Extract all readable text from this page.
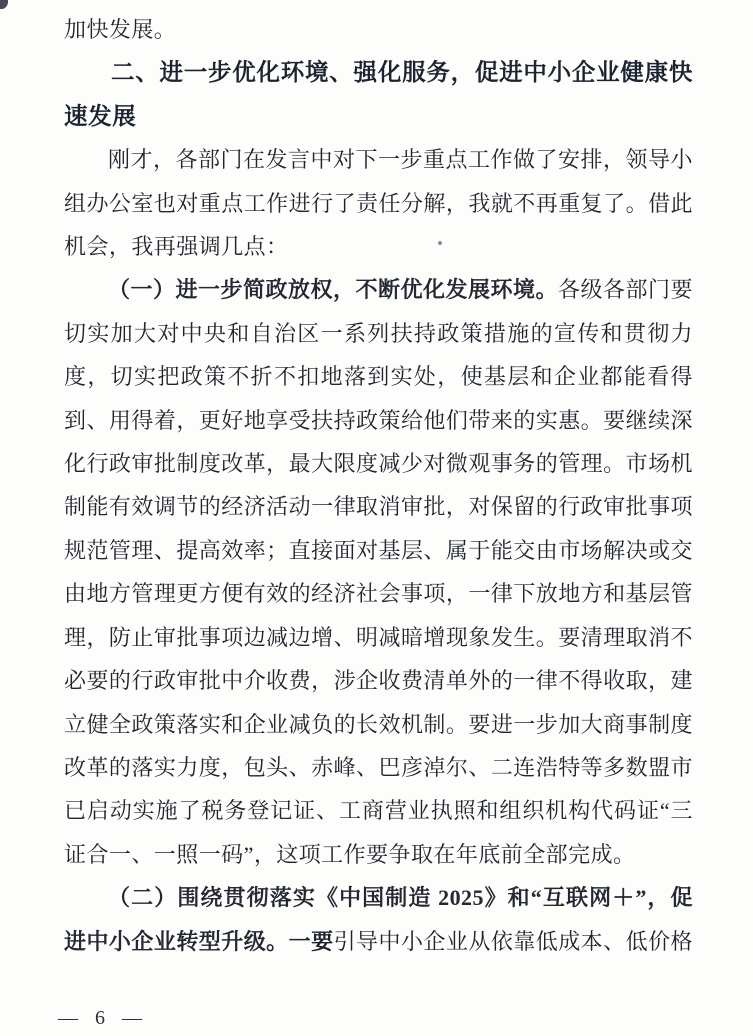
加快发展。

二、进一步优化环境、强化服务，促进中小企业健康快速发展

刚才，各部门在发言中对下一步重点工作做了安排，领导小组办公室也对重点工作进行了责任分解，我就不再重复了。借此机会，我再强调几点：

（一）进一步简政放权，不断优化发展环境。各级各部门要切实加大对中央和自治区一系列扶持政策措施的宣传和贯彻力度，切实把政策不折不扣地落到实处，使基层和企业都能看得到、用得着，更好地享受扶持政策给他们带来的实惠。要继续深化行政审批制度改革，最大限度减少对微观事务的管理。市场机制能有效调节的经济活动一律取消审批，对保留的行政审批事项规范管理、提高效率；直接面对基层、属于能交由市场解决或交由地方管理更方便有效的经济社会事项，一律下放地方和基层管理，防止审批事项边减边增、明减暗增现象发生。要清理取消不必要的行政审批中介收费，涉企收费清单外的一律不得收取，建立健全政策落实和企业减负的长效机制。要进一步加大商事制度改革的落实力度，包头、赤峰、巴彦淖尔、二连浩特等多数盟市已启动实施了税务登记证、工商营业执照和组织机构代码证“三证合一、一照一码”，这项工作要争取在年底前全部完成。

（二）围绕贯彻落实《中国制造 2025》和“互联网＋”，促进中小企业转型升级。一要引导中小企业从依靠低成本、低价格

— 6 —
